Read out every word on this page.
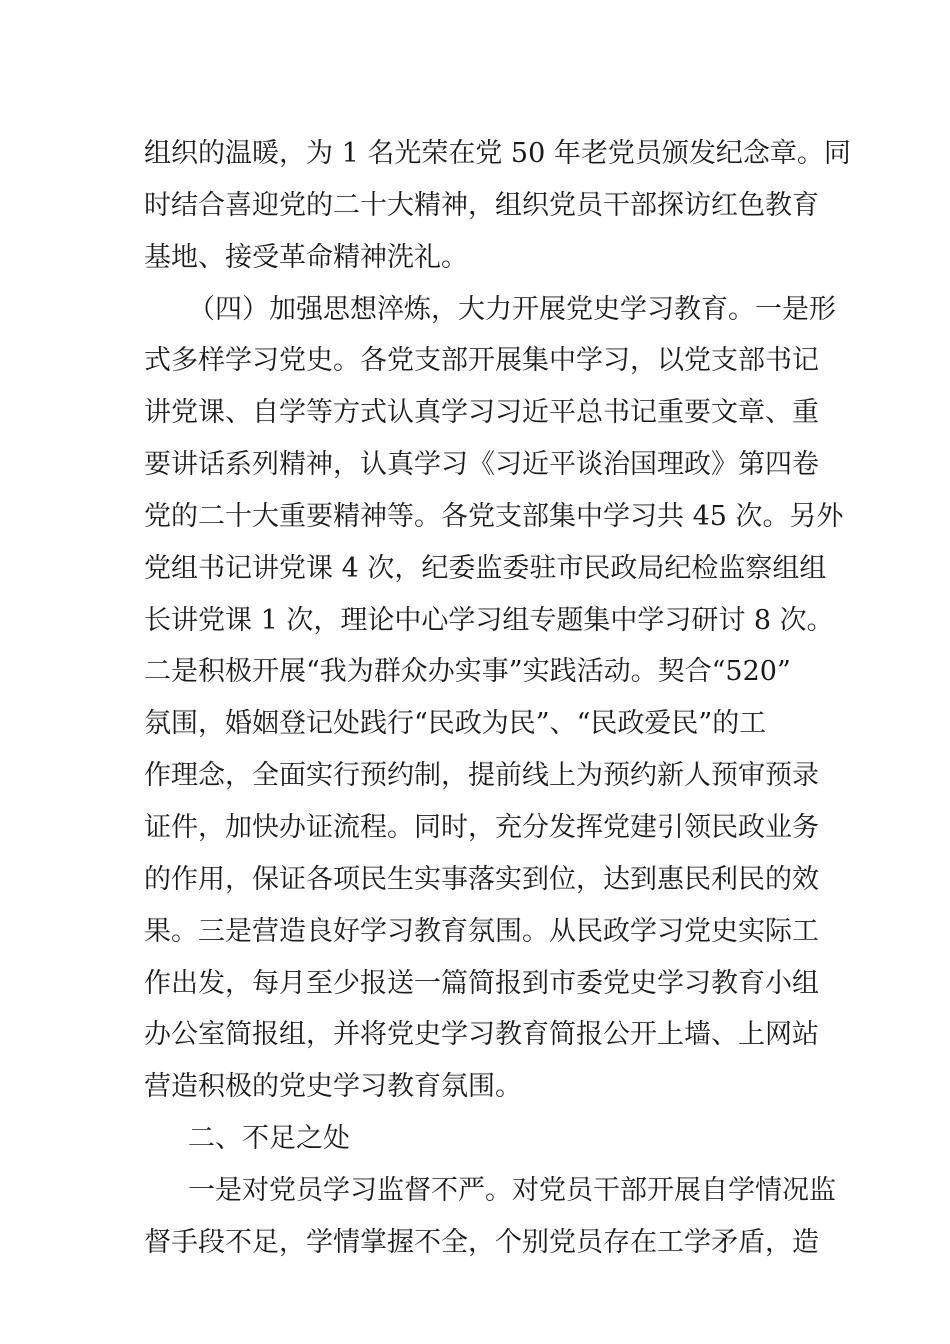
组织的温暖，为 1 名光荣在党 50 年老党员颁发纪念章。同
时结合喜迎党的二十大精神，组织党员干部探访红色教育
基地、接受革命精神洗礼。
（四）加强思想淬炼，大力开展党史学习教育。一是形
式多样学习党史。各党支部开展集中学习，以党支部书记
讲党课、自学等方式认真学习习近平总书记重要文章、重
要讲话系列精神，认真学习《习近平谈治国理政》第四卷
党的二十大重要精神等。各党支部集中学习共 45 次。另外
党组书记讲党课 4 次，纪委监委驻市民政局纪检监察组组
长讲党课 1 次，理论中心学习组专题集中学习研讨 8 次。
二是积极开展“我为群众办实事”实践活动。契合“520”
氛围，婚姻登记处践行“民政为民”、“民政爱民”的工
作理念，全面实行预约制，提前线上为预约新人预审预录
证件，加快办证流程。同时，充分发挥党建引领民政业务
的作用，保证各项民生实事落实到位，达到惠民利民的效
果。三是营造良好学习教育氛围。从民政学习党史实际工
作出发，每月至少报送一篇简报到市委党史学习教育小组
办公室简报组，并将党史学习教育简报公开上墙、上网站
营造积极的党史学习教育氛围。
二、不足之处
一是对党员学习监督不严。对党员干部开展自学情况监
督手段不足，学情掌握不全，个别党员存在工学矛盾，造
